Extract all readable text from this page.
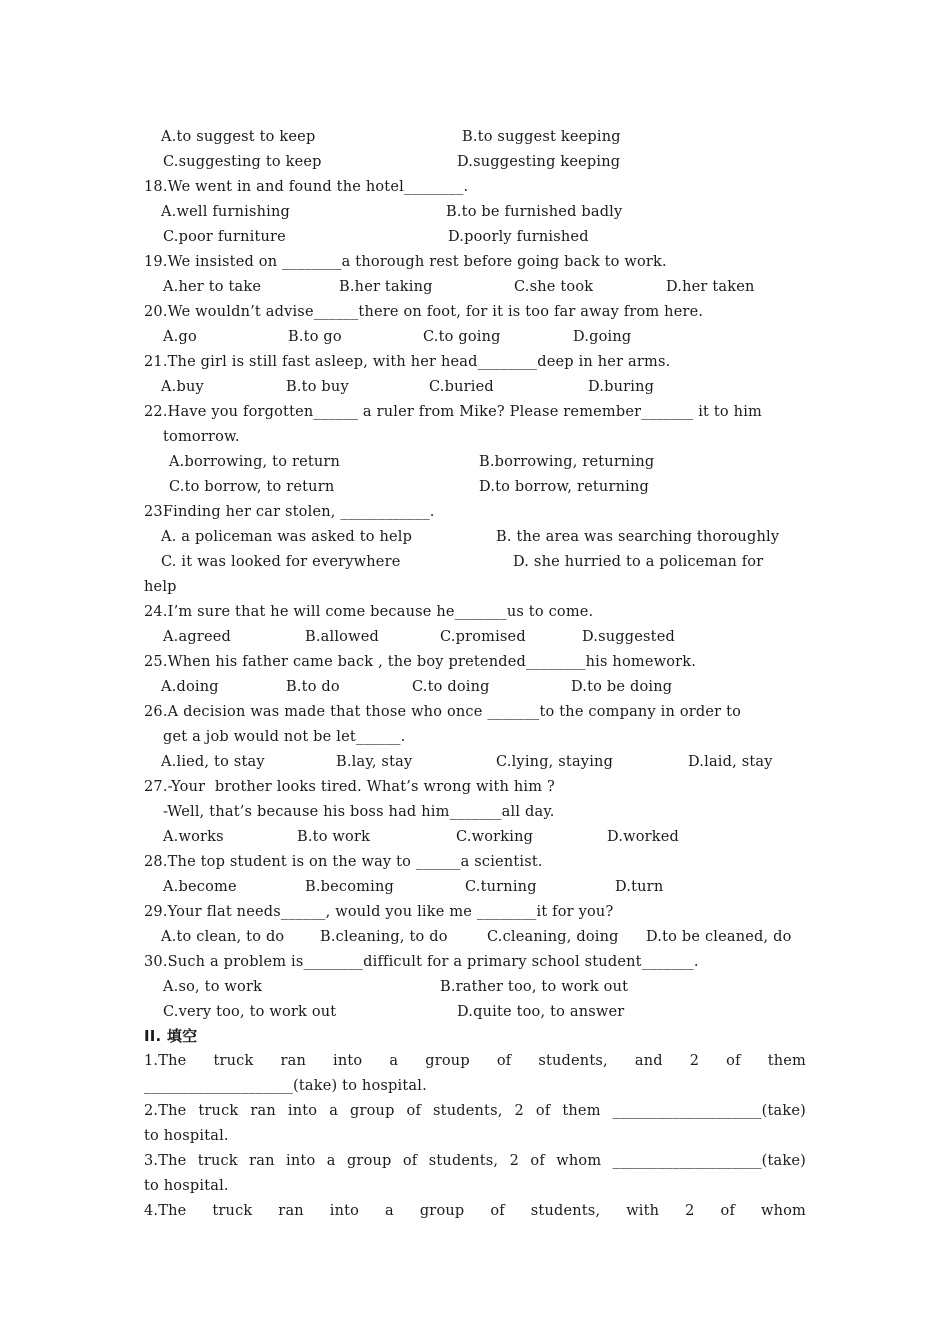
A.to suggest to keep	B.to suggest keeping
C.suggesting to keep	D.suggesting keeping
18.We went in and found the hotel________.
A.well furnishing	B.to be furnished badly
C.poor furniture	D.poorly furnished
19.We insisted on ________a thorough rest before going back to work.
A.her to take	B.her taking	C.she took	D.her taken
20.We wouldn’t advise______there on foot, for it is too far away from here.
A.go	B.to go	C.to going	D.going
21.The girl is still fast asleep, with her head________deep in her arms.
A.buy	B.to buy	C.buried	D.buring
22.Have you forgotten______ a ruler from Mike? Please remember_______ it to him
tomorrow.
A.borrowing, to return	B.borrowing, returning
C.to borrow, to return	D.to borrow, returning
23Finding her car stolen, ____________.
A. a policeman was asked to help	B. the area was searching thoroughly
C. it was looked for everywhere	D. she hurried to a policeman for
help
24.I’m sure that he will come because he_______us to come.
A.agreed	B.allowed	C.promised	D.suggested
25.When his father came back , the boy pretended________his homework.
A.doing	B.to do	C.to doing	D.to be doing
26.A decision was made that those who once _______to the company in order to
get a job would not be let______.
A.lied, to stay	B.lay, stay	C.lying, staying	D.laid, stay
27.-Your  brother looks tired. What’s wrong with him ?
-Well, that’s because his boss had him_______all day.
A.works	B.to work	C.working	D.worked
28.The top student is on the way to ______a scientist.
A.become	B.becoming	C.turning	D.turn
29.Your flat needs______, would you like me ________it for you?
A.to clean, to do B.cleaning, to do	C.cleaning, doing D.to be cleaned, do
30.Such a problem is________difficult for a primary school student_______.
A.so, to work	B.rather too, to work out
C.very too, to work out	D.quite too, to answer
II. 填空
1.The truck ran into a group of students, and 2 of them
____________________(take) to hospital.
2.The truck ran into a group of students, 2 of them ____________________(take)
to hospital.
3.The truck ran into a group of students, 2 of whom ____________________(take)
to hospital.
4.The truck ran into a group of students, with 2 of whom
